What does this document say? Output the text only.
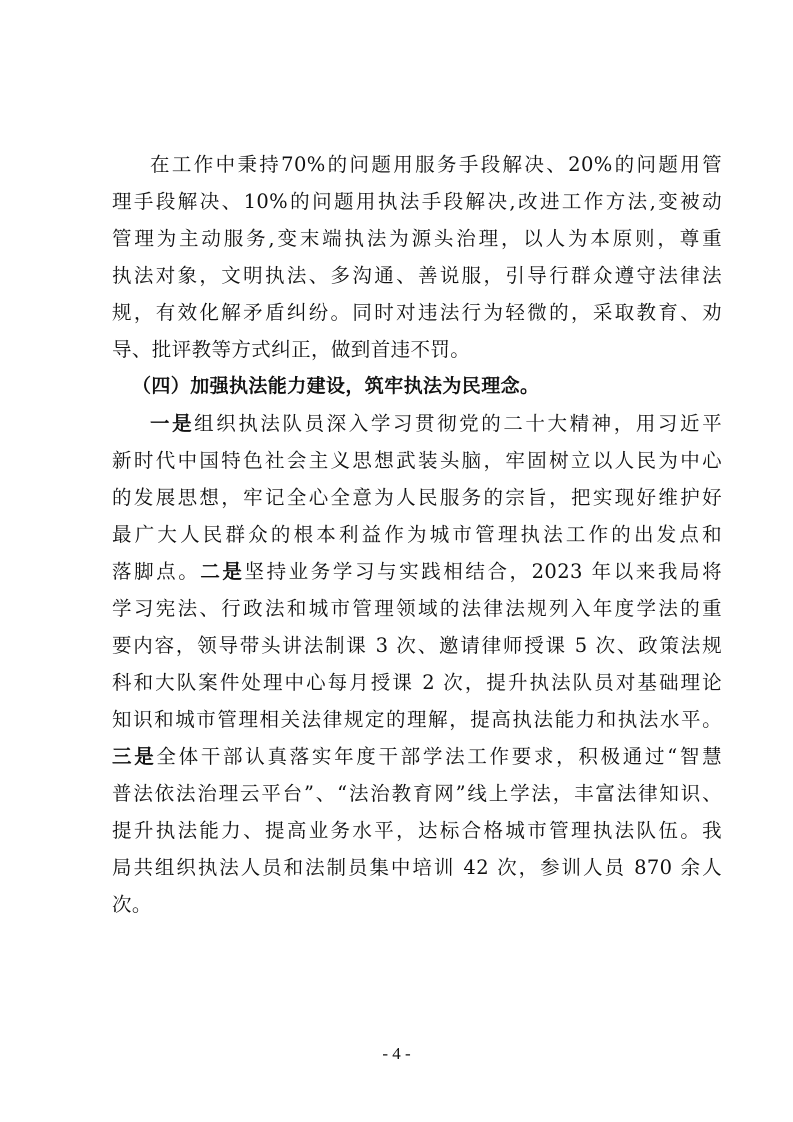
在工作中秉持70%的问题用服务手段解决、20%的问题用管
理手段解决、10%的问题用执法手段解决,改进工作方法,变被动
管理为主动服务,变末端执法为源头治理，以人为本原则，尊重
执法对象，文明执法、多沟通、善说服，引导行群众遵守法律法
规，有效化解矛盾纠纷。同时对违法行为轻微的，采取教育、劝
导、批评教等方式纠正，做到首违不罚。
（四）加强执法能力建设，筑牢执法为民理念。
一是组织执法队员深入学习贯彻党的二十大精神，用习近平
新时代中国特色社会主义思想武装头脑，牢固树立以人民为中心
的发展思想，牢记全心全意为人民服务的宗旨，把实现好维护好
最广大人民群众的根本利益作为城市管理执法工作的出发点和
落脚点。二是坚持业务学习与实践相结合，2023 年以来我局将
学习宪法、行政法和城市管理领域的法律法规列入年度学法的重
要内容，领导带头讲法制课 3 次、邀请律师授课 5 次、政策法规
科和大队案件处理中心每月授课 2 次，提升执法队员对基础理论
知识和城市管理相关法律规定的理解，提高执法能力和执法水平。
三是全体干部认真落实年度干部学法工作要求，积极通过“智慧
普法依法治理云平台”、“法治教育网”线上学法，丰富法律知识、
提升执法能力、提高业务水平，达标合格城市管理执法队伍。我
局共组织执法人员和法制员集中培训 42 次，参训人员 870 余人
次。
- 4 -
